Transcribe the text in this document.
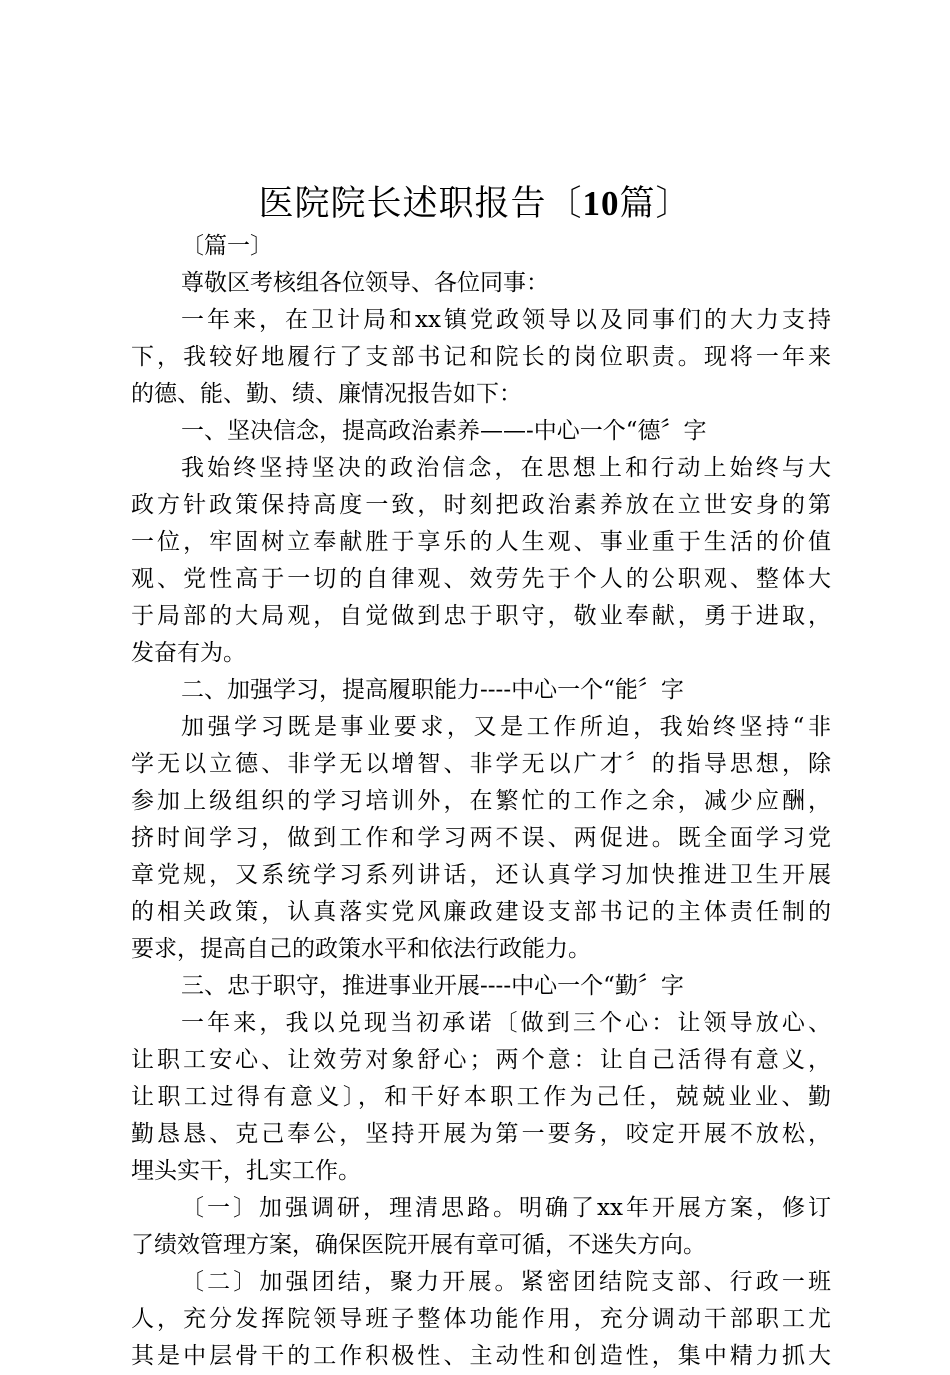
医院院长述职报告〔10篇〕
〔篇一〕
尊敬区考核组各位领导、各位同事：
一年来，在卫计局和xx镇党政领导以及同事们的大力支持
下，我较好地履行了支部书记和院长的岗位职责。现将一年来
的德、能、勤、绩、廉情况报告如下：
一、坚决信念，提高政治素养——-中心一个“德〞字
我始终坚持坚决的政治信念，在思想上和行动上始终与大
政方针政策保持高度一致，时刻把政治素养放在立世安身的第
一位，牢固树立奉献胜于享乐的人生观、事业重于生活的价值
观、党性高于一切的自律观、效劳先于个人的公职观、整体大
于局部的大局观，自觉做到忠于职守，敬业奉献，勇于进取，
发奋有为。
二、加强学习，提高履职能力----中心一个“能〞字
加强学习既是事业要求，又是工作所迫，我始终坚持“非
学无以立德、非学无以增智、非学无以广才〞的指导思想，除
参加上级组织的学习培训外，在繁忙的工作之余，减少应酬，
挤时间学习，做到工作和学习两不误、两促进。既全面学习党
章党规，又系统学习系列讲话，还认真学习加快推进卫生开展
的相关政策，认真落实党风廉政建设支部书记的主体责任制的
要求，提高自己的政策水平和依法行政能力。
三、忠于职守，推进事业开展----中心一个“勤〞字
一年来，我以兑现当初承诺〔做到三个心：让领导放心、
让职工安心、让效劳对象舒心；两个意：让自己活得有意义，
让职工过得有意义〕，和干好本职工作为己任，兢兢业业、勤
勤恳恳、克己奉公，坚持开展为第一要务，咬定开展不放松，
埋头实干，扎实工作。
〔一〕加强调研，理清思路。明确了xx年开展方案，修订
了绩效管理方案，确保医院开展有章可循，不迷失方向。
〔二〕加强团结，聚力开展。紧密团结院支部、行政一班
人，充分发挥院领导班子整体功能作用，充分调动干部职工尤
其是中层骨干的工作积极性、主动性和创造性，集中精力抓大
